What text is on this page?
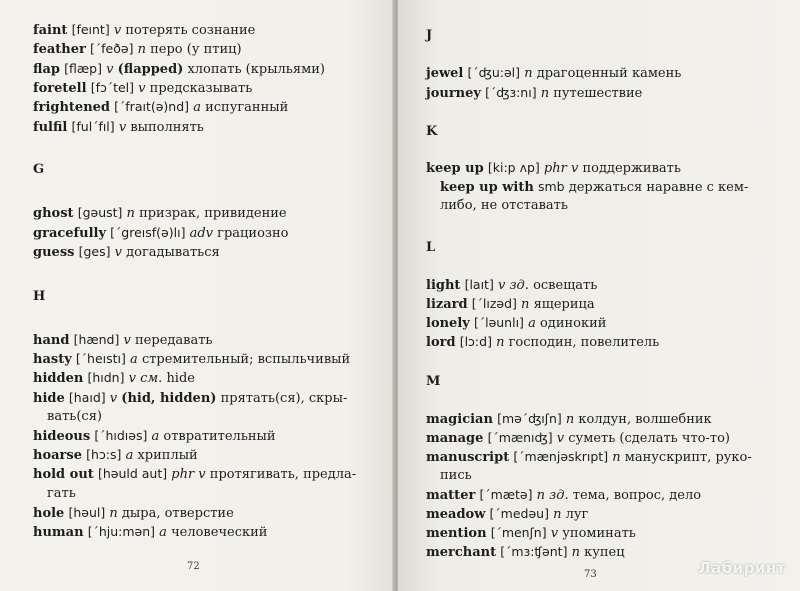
faint [feınt] v потерять сознание
feather [ˊfeðə] n перо (у птиц)
flap [flæp] v (flapped) хлопать (крыльями)
foretell [fɔˊtel] v предсказывать
frightened [ˊfraıt(ə)nd] a испуганный
fulfil [fulˊfıl] v выполнять
G
ghost [gəust] n призрак, привидение
gracefully [ˊgreısf(ə)lı] adv грациозно
guess [ges] v догадываться
H
hand [hænd] v передавать
hasty [ˊheıstı] a стремительный; вспыльчивый
hidden [hıdn] v см. hide
hide [haıd] v (hid, hidden) прятать(ся), скры-
вать(ся)
hideous [ˊhıdıəs] a отвратительный
hoarse [hɔ:s] a хриплый
hold out [həuld aut] phr v протягивать, предла-
гать
hole [həul] n дыра, отверстие
human [ˊhju:mən] a человеческий
72
J
jewel [ˊʤu:əl] n драгоценный камень
journey [ˊʤɜ:nı] n путешествие
K
keep up [ki:p ʌp] phr v поддерживать
keep up with smb держаться наравне с кем-
либо, не отставать
L
light [laıt] v зд. освещать
lizard [ˊlızəd] n ящерица
lonely [ˊləunlı] a одинокий
lord [lɔ:d] n господин, повелитель
M
magician [məˊʤıʃn] n колдун, волшебник
manage [ˊmænıʤ] v суметь (сделать что-то)
manuscript [ˊmænjəskrıpt] n манускрипт, руко-
пись
matter [ˊmætə] n зд. тема, вопрос, дело
meadow [ˊmedəu] n луг
mention [ˊmenʃn] v упоминать
merchant [ˊmɜ:ʧənt] n купец
73	Лабиринт
